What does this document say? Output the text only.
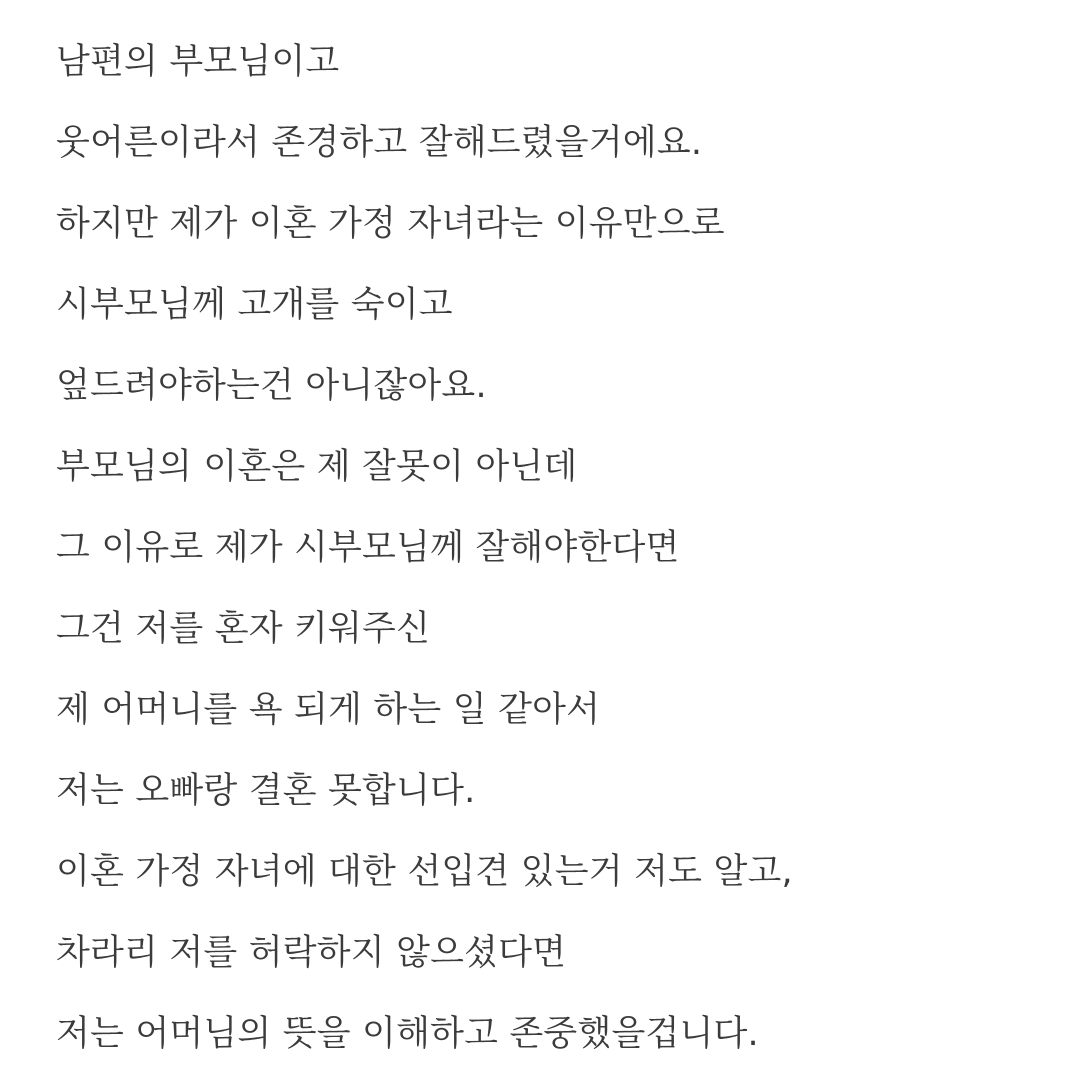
남편의 부모님이고
웃어른이라서 존경하고 잘해드렸을거에요.
하지만 제가 이혼 가정 자녀라는 이유만으로
시부모님께 고개를 숙이고
엎드려야하는건 아니잖아요.
부모님의 이혼은 제 잘못이 아닌데
그 이유로 제가 시부모님께 잘해야한다면
그건 저를 혼자 키워주신
제 어머니를 욕 되게 하는 일 같아서
저는 오빠랑 결혼 못합니다.
이혼 가정 자녀에 대한 선입견 있는거 저도 알고,
차라리 저를 허락하지 않으셨다면
저는 어머님의 뜻을 이해하고 존중했을겁니다.
